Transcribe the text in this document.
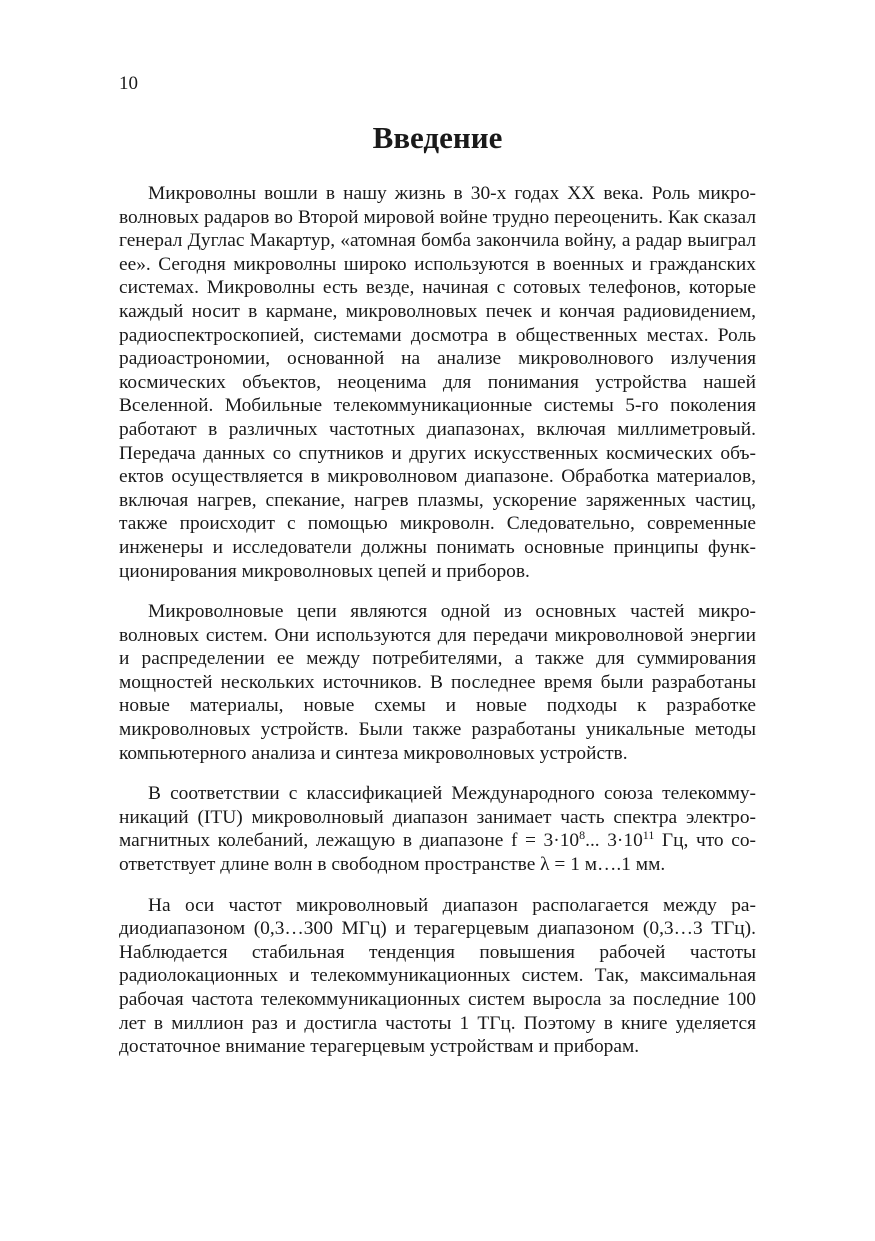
10
Введение

Микроволны вошли в нашу жизнь в 30-х годах XX века. Роль микроволновых радаров во Второй мировой войне трудно переоценить. Как сказал генерал Дуглас Макартур, «атомная бомба закончила войну, а радар выиграл ее». Сегодня микроволны широко используются в военных и гражданских системах. Микроволны есть везде, начиная с сотовых телефонов, которые каждый носит в кармане, микроволновых печек и кончая радиовидением, радиоспектроскопией, системами досмотра в общественных местах. Роль радиоастрономии, основанной на анализе микроволнового излучения космических объектов, неоценима для понимания устройства нашей Вселенной. Мобильные телекоммуникационные системы 5-го поколения работают в различных частотных диапазонах, включая миллиметровый. Передача данных со спутников и других искусственных космических объектов осуществляется в микроволновом диапазоне. Обработка материалов, включая нагрев, спекание, нагрев плазмы, ускорение заряженных частиц, также происходит с помощью микроволн. Следовательно, современные инженеры и исследователи должны понимать основные принципы функционирования микроволновых цепей и приборов.

Микроволновые цепи являются одной из основных частей микроволновых систем. Они используются для передачи микроволновой энергии и распределении ее между потребителями, а также для суммирования мощностей нескольких источников. В последнее время были разработаны новые материалы, новые схемы и новые подходы к разработке микроволновых устройств. Были также разработаны уникальные методы компьютерного анализа и синтеза микроволновых устройств.

В соответствии с классификацией Международного союза телекоммуникаций (ITU) микроволновый диапазон занимает часть спектра электромагнитных колебаний, лежащую в диапазоне $f = 3\cdot 10^8$... $3\cdot 10^{11}$ Гц, что соответствует длине волн в свободном пространстве λ = 1 м….1 мм.

На оси частот микроволновый диапазон располагается между радиодиапазоном (0,3…300 МГц) и терагерцевым диапазоном (0,3…3 ТГц). Наблюдается стабильная тенденция повышения рабочей частоты радиолокационных и телекоммуникационных систем. Так, максимальная рабочая частота телекоммуникационных систем выросла за последние 100 лет в миллион раз и достигла частоты 1 ТГц. Поэтому в книге уделяется достаточное внимание терагерцевым устройствам и приборам.
